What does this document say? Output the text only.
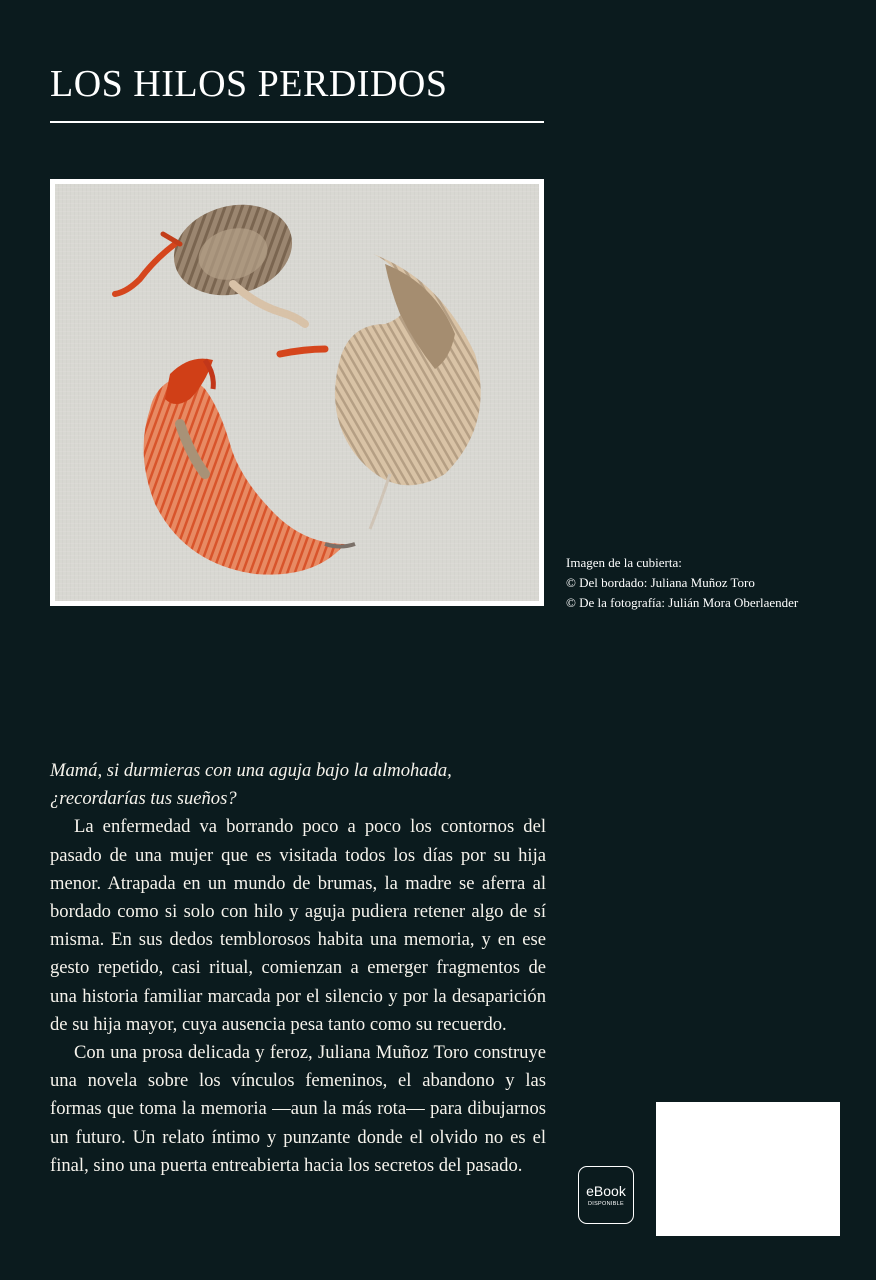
LOS HILOS PERDIDOS
Imagen de la cubierta:
© Del bordado: Juliana Muñoz Toro
© De la fotografía: Julián Mora Oberlaender

Mamá, si durmieras con una aguja bajo la almohada,
¿recordarías tus sueños?

La enfermedad va borrando poco a poco los contornos del pasado de una mujer que es visitada todos los días por su hija menor. Atrapada en un mundo de brumas, la madre se aferra al bordado como si solo con hilo y aguja pudiera retener algo de sí misma. En sus dedos temblorosos habita una memoria, y en ese gesto repetido, casi ritual, comienzan a emerger fragmentos de una historia familiar marcada por el silencio y por la desaparición de su hija mayor, cuya ausencia pesa tanto como su recuerdo.

Con una prosa delicada y feroz, Juliana Muñoz Toro construye una novela sobre los vínculos femeninos, el abandono y las formas que toma la memoria —aun la más rota— para dibujarnos un futuro. Un relato íntimo y punzante donde el olvido no es el final, sino una puerta entreabierta hacia los secretos del pasado.

eBook
DISPONIBLE
